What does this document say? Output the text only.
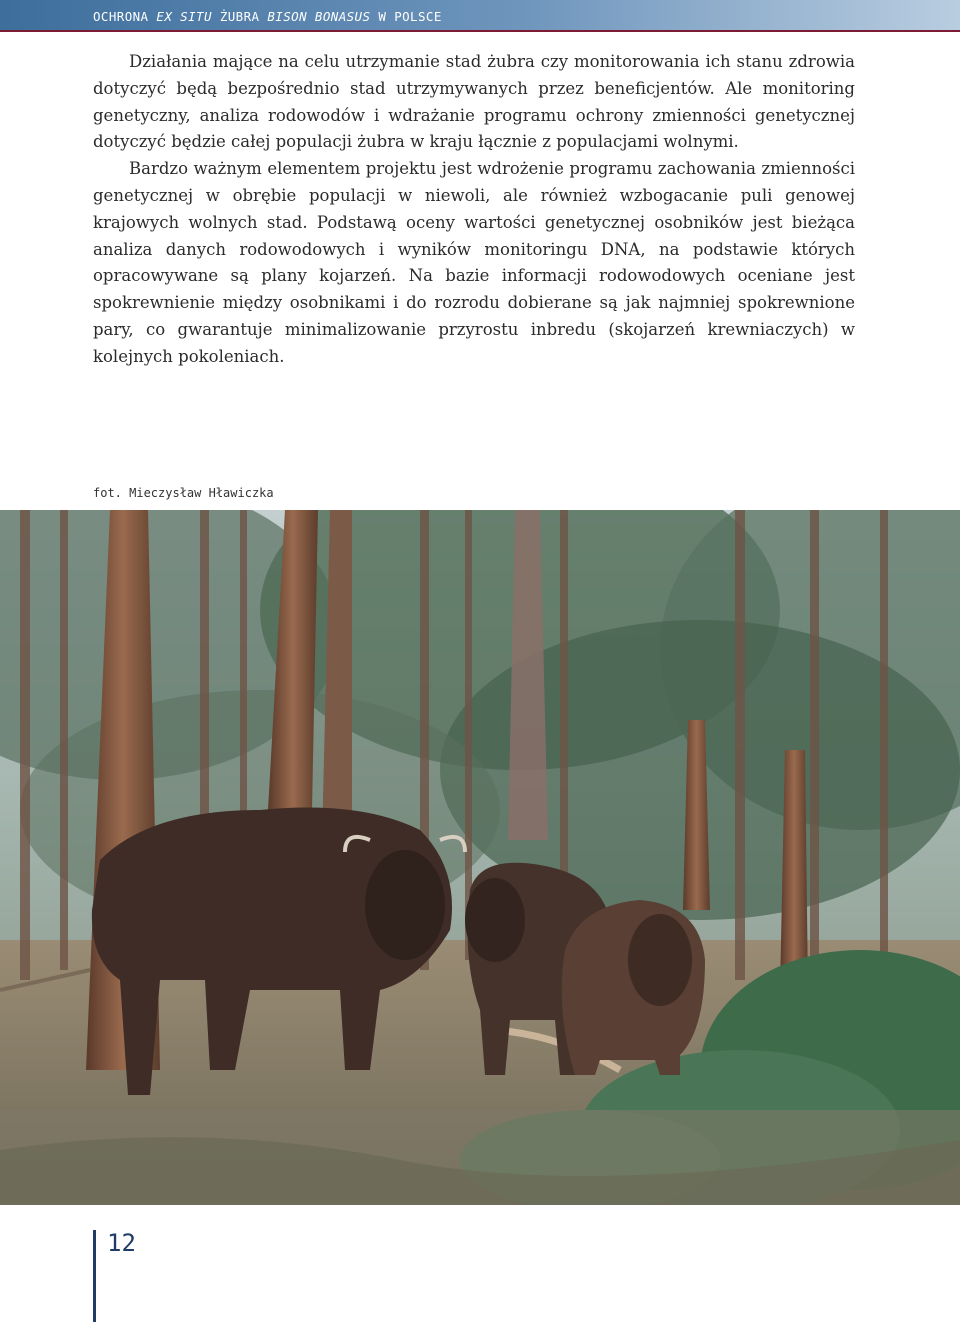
OCHRONA EX SITU ŻUBRA BISON BONASUS W POLSCE

Działania mające na celu utrzymanie stad żubra czy monitorowania ich stanu zdrowia dotyczyć będą bezpośrednio stad utrzymywanych przez beneficjentów. Ale monitoring genetyczny, analiza rodowodów i wdrażanie programu ochrony zmienności genetycznej dotyczyć będzie całej populacji żubra w kraju łącznie z populacjami wolnymi.

Bardzo ważnym elementem projektu jest wdrożenie programu zachowania zmienności genetycznej w obrębie populacji w niewoli, ale również wzbogacanie puli genowej krajowych wolnych stad. Podstawą oceny wartości genetycznej osobników jest bieżąca analiza danych rodowodowych i wyników monitoringu DNA, na podstawie których opracowywane są plany kojarzeń. Na bazie informacji rodowodowych oceniane jest spokrewnienie między osobnikami i do rozrodu dobierane są jak najmniej spokrewnione pary, co gwarantuje minimalizowanie przyrostu inbredu (skojarzeń krewniaczych) w kolejnych pokoleniach.

fot. Mieczysław Hławiczka
12
